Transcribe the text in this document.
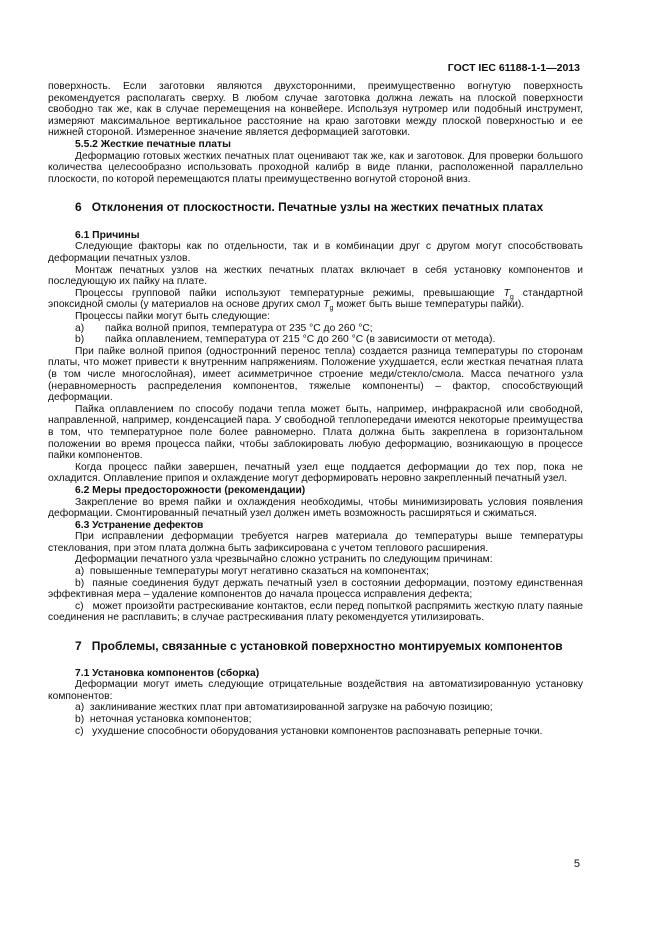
ГОСТ IEC 61188-1-1—2013

поверхность. Если заготовки являются двухсторонними, преимущественно вогнутую поверхность рекомендуется располагать сверху. В любом случае заготовка должна лежать на плоской поверхности свободно так же, как в случае перемещения на конвейере. Используя нутромер или подобный инструмент, измеряют максимальное вертикальное расстояние на краю заготовки между плоской поверхностью и ее нижней стороной. Измеренное значение является деформацией заготовки.

5.5.2 Жесткие печатные платы

Деформацию готовых жестких печатных плат оценивают так же, как и заготовок. Для проверки большого количества целесообразно использовать проходной калибр в виде планки, расположенной параллельно плоскости, по которой перемещаются платы преимущественно вогнутой стороной вниз.

6 Отклонения от плоскостности. Печатные узлы на жестких печатных платах

6.1 Причины

Следующие факторы как по отдельности, так и в комбинации друг с другом могут способствовать деформации печатных узлов.

Монтаж печатных узлов на жестких печатных платах включает в себя установку компонентов и последующую их пайку на плате.

Процессы групповой пайки используют температурные режимы, превышающие $T_g$ стандартной эпоксидной смолы (у материалов на основе других смол $T_g$ может быть выше температуры пайки).

Процессы пайки могут быть следующие:

a)	пайка волной припоя, температура от 235 °С до 260 °С;
b)	пайка оплавлением, температура от 215 °С до 260 °С (в зависимости от метода).

При пайке волной припоя (одностронний перенос тепла) создается разница температуры по сторонам платы, что может привести к внутренним напряжениям. Положение ухудшается, если жесткая печатная плата (в том числе многослойная), имеет асимметричное строение меди/стекло/смола. Масса печатного узла (неравномерность распределения компонентов, тяжелые компоненты) – фактор, способствующий деформации.

Пайка оплавлением по способу подачи тепла может быть, например, инфракрасной или свободной, направленной, например, конденсацией пара. У свободной теплопередачи имеются некоторые преимущества в том, что температурное поле более равномерно. Плата должна быть закреплена в горизонтальном положении во время процесса пайки, чтобы заблокировать любую деформацию, возникающую в процессе пайки компонентов.

Когда процесс пайки завершен, печатный узел еще поддается деформации до тех пор, пока не охладится. Оплавление припоя и охлаждение могут деформировать неровно закрепленный печатный узел.

6.2 Меры предосторожности (рекомендации)

Закрепление во время пайки и охлаждения необходимы, чтобы минимизировать условия появления деформации. Смонтированный печатный узел должен иметь возможность расширяться и сжиматься.

6.3 Устранение дефектов

При исправлении деформации требуется нагрев материала до температуры выше температуры стеклования, при этом плата должна быть зафиксирована с учетом теплового расширения.

Деформации печатного узла чрезвычайно сложно устранить по следующим причинам:

а) повышенные температуры могут негативно сказаться на компонентах;

b) паяные соединения будут держать печатный узел в состоянии деформации, поэтому единственная эффективная мера – удаление компонентов до начала процесса исправления дефекта;

c) может произойти растрескивание контактов, если перед попыткой распрямить жесткую плату паяные соединения не расплавить; в случае растрескивания плату рекомендуется утилизировать.

7 Проблемы, связанные с установкой поверхностно монтируемых компонентов

7.1 Установка компонентов (сборка)

Деформации могут иметь следующие отрицательные воздействия на автоматизированную установку компонентов:

а) заклинивание жестких плат при автоматизированной загрузке на рабочую позицию;

b) неточная установка компонентов;

c) ухудшение способности оборудования установки компонентов распознавать реперные точки.

5
